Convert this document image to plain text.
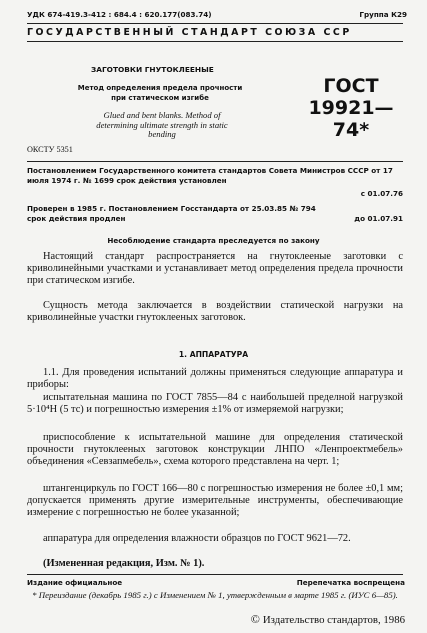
УДК 674-419.3-412 : 684.4 : 620.177(083.74)	Группа К29
ГОСУДАРСТВЕННЫЙ СТАНДАРТ СОЮЗА ССР
ЗАГОТОВКИ ГНУТОКЛЕЕНЫЕ
Метод определения предела прочности
при статическом изгибе
Glued and bent blanks. Method of determining ultimate strength in static bending
ОКСТУ 5351
ГОСТ
19921—74*
Постановлением Государственного комитета стандартов Совета Министров СССР от 17 июля 1974 г. № 1699 срок действия установлен
с 01.07.76
Проверен в 1985 г. Постановлением Госстандарта от 25.03.85 № 794 срок действия продлен	до 01.07.91
Несоблюдение стандарта преследуется по закону
Настоящий стандарт распространяется на гнутоклееные заготовки с криволинейными участками и устанавливает метод определения предела прочности при статическом изгибе.
Сущность метода заключается в воздействии статической нагрузки на криволинейные участки гнутоклееных заготовок.
1. АППАРАТУРА
1.1. Для проведения испытаний должны применяться следующие аппаратура и приборы:
испытательная машина по ГОСТ 7855—84 с наибольшей пределной нагрузкой 5·10⁴Н (5 тс) и погрешностью измерения ±1% от измеряемой нагрузки;
приспособление к испытательной машине для определения статической прочности гнутоклееных заготовок конструкции ЛНПО «Ленпроектмебель» объединения «Севзапмебель», схема которого представлена на черт. 1;
штангенциркуль по ГОСТ 166—80 с погрешностью измерения не более ±0,1 мм; допускается применять другие измерительные инструменты, обеспечивающие измерение с погрешностью не более указанной;
аппаратура для определения влажности образцов по ГОСТ 9621—72.
(Измененная редакция, Изм. № 1).
Издание официальное	Перепечатка воспрещена
* Переиздание (декабрь 1985 г.) с Изменением № 1, утвержденным в марте 1985 г. (ИУС 6—85).
© Издательство стандартов, 1986
